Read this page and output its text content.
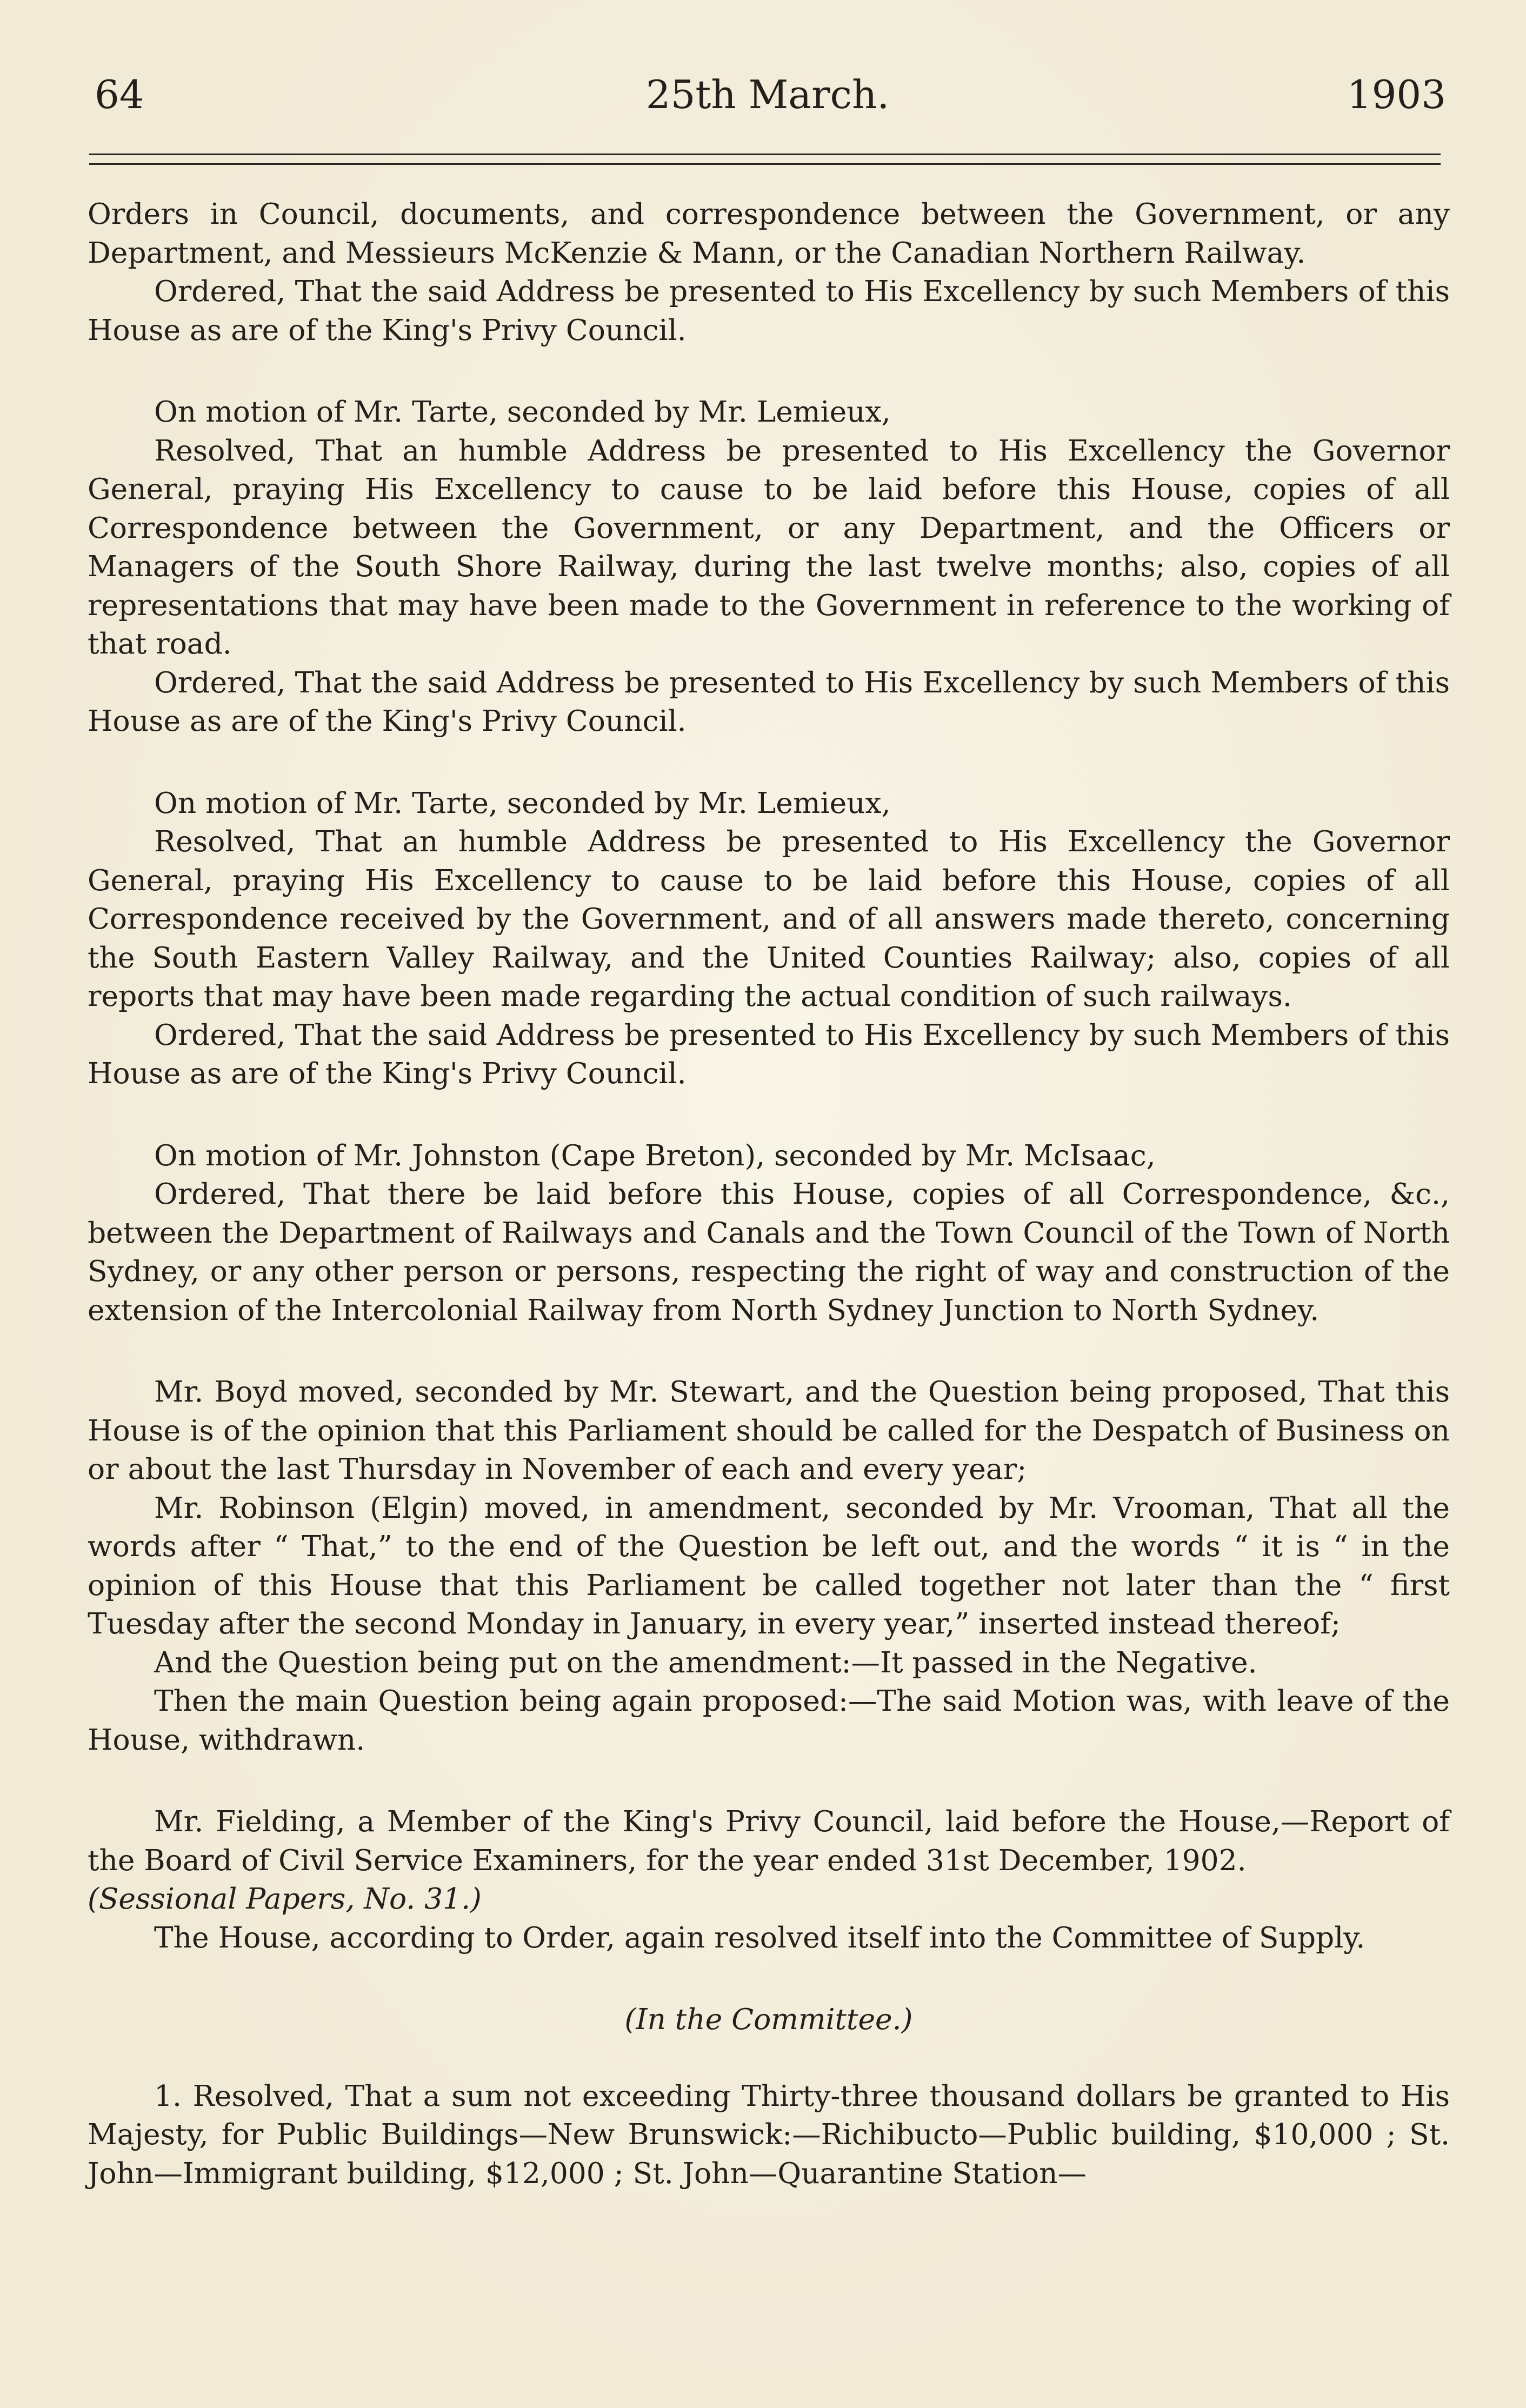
64	25th March.	1903

Orders in Council, documents, and correspondence between the Government, or any Department, and Messieurs McKenzie & Mann, or the Canadian Northern Railway.

Ordered, That the said Address be presented to His Excellency by such Members of this House as are of the King's Privy Council.

On motion of Mr. Tarte, seconded by Mr. Lemieux,

Resolved, That an humble Address be presented to His Excellency the Governor General, praying His Excellency to cause to be laid before this House, copies of all Correspondence between the Government, or any Department, and the Officers or Managers of the South Shore Railway, during the last twelve months; also, copies of all representations that may have been made to the Government in reference to the working of that road.

Ordered, That the said Address be presented to His Excellency by such Members of this House as are of the King's Privy Council.

On motion of Mr. Tarte, seconded by Mr. Lemieux,

Resolved, That an humble Address be presented to His Excellency the Governor General, praying His Excellency to cause to be laid before this House, copies of all Correspondence received by the Government, and of all answers made thereto, concerning the South Eastern Valley Railway, and the United Counties Railway; also, copies of all reports that may have been made regarding the actual condition of such railways.

Ordered, That the said Address be presented to His Excellency by such Members of this House as are of the King's Privy Council.

On motion of Mr. Johnston (Cape Breton), seconded by Mr. McIsaac,

Ordered, That there be laid before this House, copies of all Correspondence, &c., between the Department of Railways and Canals and the Town Council of the Town of North Sydney, or any other person or persons, respecting the right of way and construction of the extension of the Intercolonial Railway from North Sydney Junction to North Sydney.

Mr. Boyd moved, seconded by Mr. Stewart, and the Question being proposed, That this House is of the opinion that this Parliament should be called for the Despatch of Business on or about the last Thursday in November of each and every year;

Mr. Robinson (Elgin) moved, in amendment, seconded by Mr. Vrooman, That all the words after “ That,” to the end of the Question be left out, and the words “ it is “ in the opinion of this House that this Parliament be called together not later than the “ first Tuesday after the second Monday in January, in every year,” inserted instead thereof;

And the Question being put on the amendment:—It passed in the Negative.

Then the main Question being again proposed:—The said Motion was, with leave of the House, withdrawn.

Mr. Fielding, a Member of the King's Privy Council, laid before the House,—Report of the Board of Civil Service Examiners, for the year ended 31st December, 1902.

(Sessional Papers, No. 31.)

The House, according to Order, again resolved itself into the Committee of Supply.

(In the Committee.)

1. Resolved, That a sum not exceeding Thirty-three thousand dollars be granted to His Majesty, for Public Buildings—New Brunswick:—Richibucto—Public building, $10,000 ; St. John—Immigrant building, $12,000 ; St. John—Quarantine Station—
